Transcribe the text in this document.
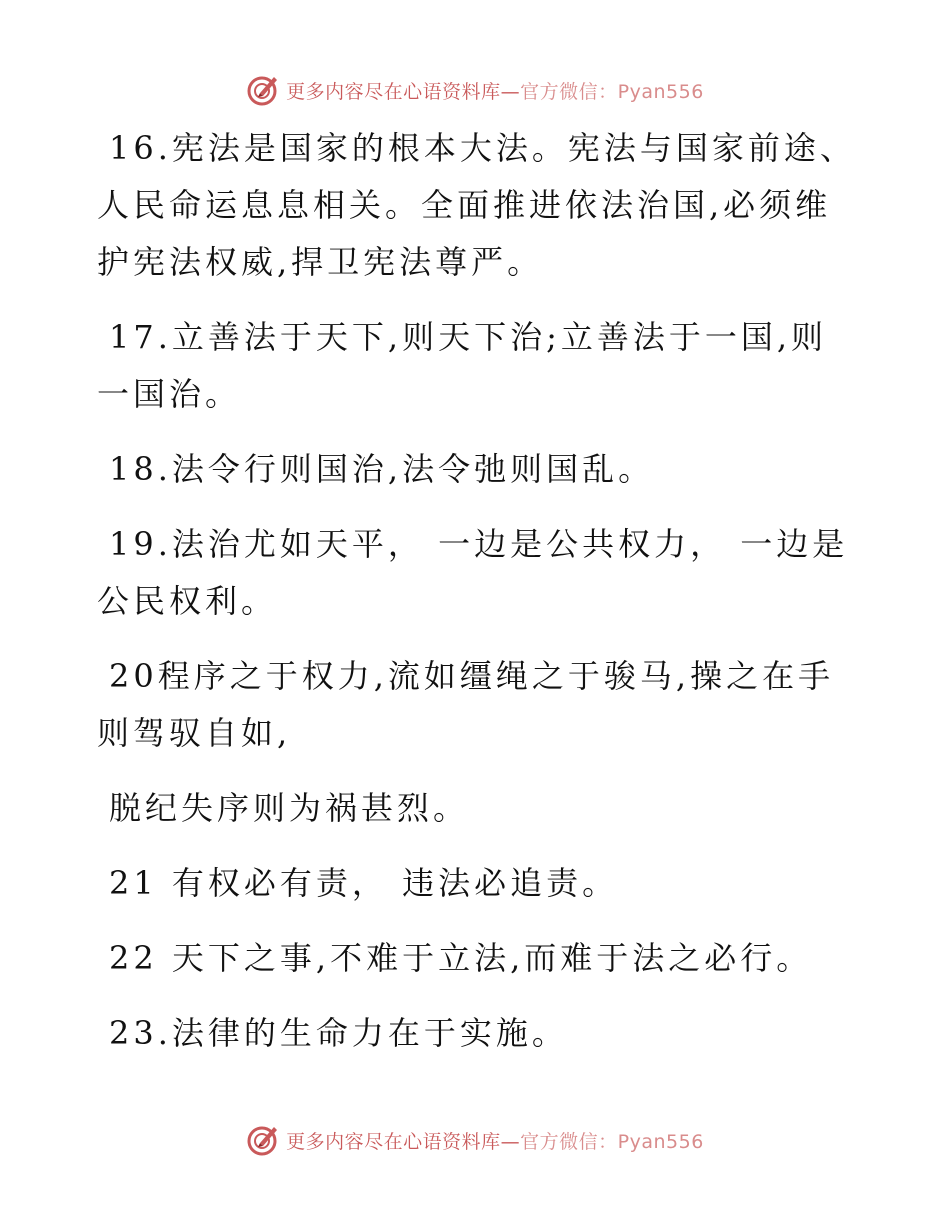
更多内容尽在心语资料库—官方微信：Pyan556

16.宪法是国家的根本大法。宪法与国家前途、人民命运息息相关。全面推进依法治国,必须维护宪法权威,捍卫宪法尊严。

17.立善法于天下,则天下治;立善法于一国,则一国治。

18.法令行则国治,法令弛则国乱。

19.法治尤如天平， 一边是公共权力， 一边是公民权利。

20程序之于权力,流如缰绳之于骏马,操之在手则驾驭自如,

脱纪失序则为祸甚烈。

21 有权必有责， 违法必追责。

22 天下之事,不难于立法,而难于法之必行。

23.法律的生命力在于实施。

更多内容尽在心语资料库—官方微信：Pyan556
